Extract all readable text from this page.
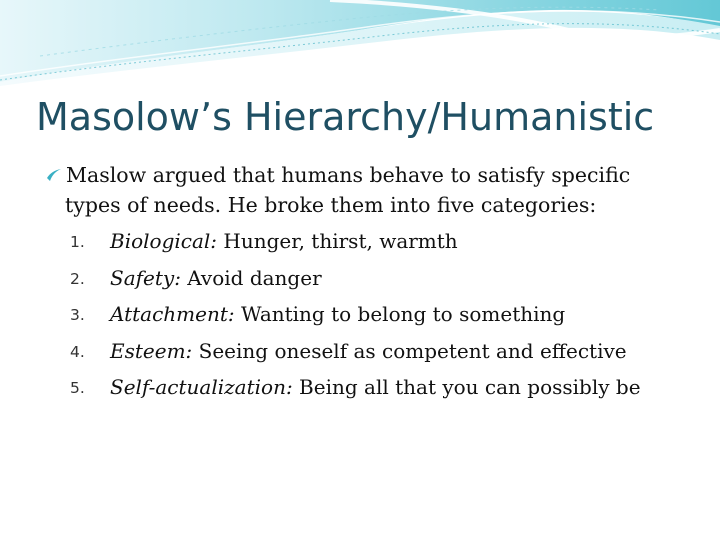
Masolow’s Hierarchy/Humanistic
Maslow argued that humans behave to satisfy specific
types of needs. He broke them into five categories:
1.	Biological: Hunger, thirst, warmth
2.	Safety: Avoid danger
3.	Attachment: Wanting to belong to something
4.	Esteem: Seeing oneself as competent and effective
5.	Self-actualization: Being all that you can possibly be
